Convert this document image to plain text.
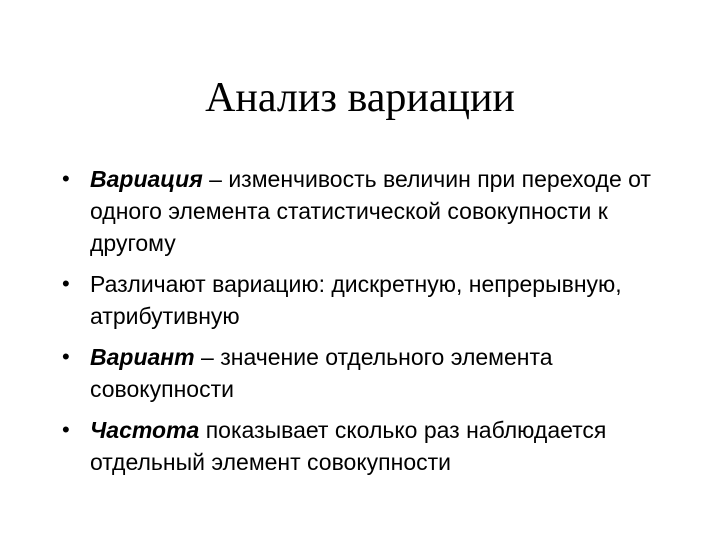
Анализ вариации
• Вариация – изменчивость величин при переходе от одного элемента статистической совокупности к другому
• Различают вариацию: дискретную, непрерывную, атрибутивную
• Вариант – значение отдельного элемента совокупности
• Частота показывает сколько раз наблюдается отдельный элемент совокупности
